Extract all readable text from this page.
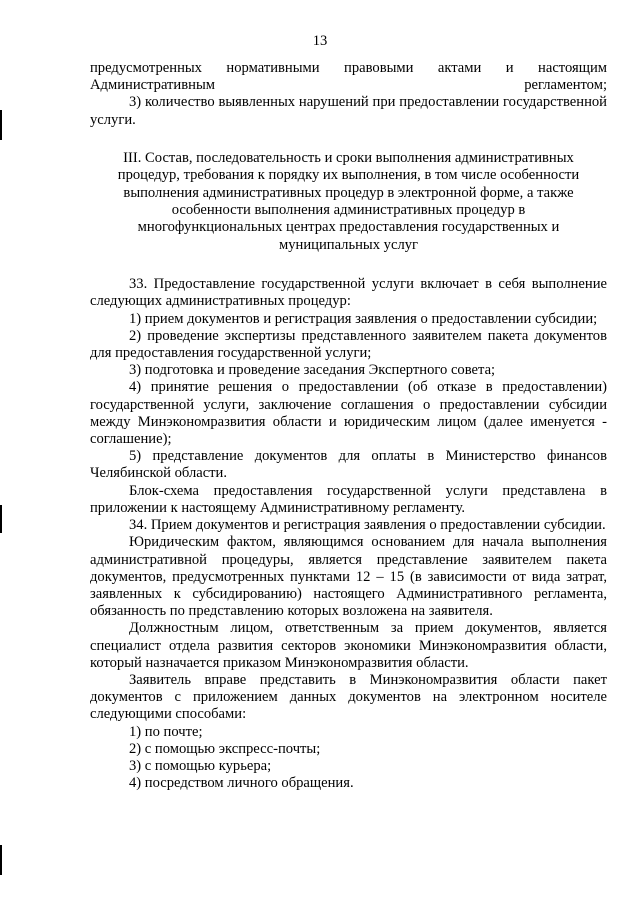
13

предусмотренных нормативными правовыми актами и настоящим Административным регламентом;

3) количество выявленных нарушений при предоставлении государственной услуги.

III. Состав, последовательность и сроки выполнения административных
процедур, требования к порядку их выполнения, в том числе особенности
выполнения административных процедур в электронной форме, а также
особенности выполнения административных процедур в
многофункциональных центрах предоставления государственных и
муниципальных услуг

33. Предоставление государственной услуги включает в себя выполнение следующих административных процедур:

1) прием документов и регистрация заявления о предоставлении субсидии;

2) проведение экспертизы представленного заявителем пакета документов для предоставления государственной услуги;

3) подготовка и проведение заседания Экспертного совета;

4) принятие решения о предоставлении (об отказе в предоставлении) государственной услуги, заключение соглашения о предоставлении субсидии между Минэкономразвития области и юридическим лицом (далее именуется - соглашение);

5) представление документов для оплаты в Министерство финансов Челябинской области.

Блок-схема предоставления государственной услуги представлена в приложении к настоящему Административному регламенту.

34. Прием документов и регистрация заявления о предоставлении субсидии.

Юридическим фактом, являющимся основанием для начала выполнения административной процедуры, является представление заявителем пакета документов, предусмотренных пунктами 12 – 15 (в зависимости от вида затрат, заявленных к субсидированию) настоящего Административного регламента, обязанность по представлению которых возложена на заявителя.

Должностным лицом, ответственным за прием документов, является специалист отдела развития секторов экономики Минэкономразвития области, который назначается приказом Минэкономразвития области.

Заявитель вправе представить в Минэкономразвития области пакет документов с приложением данных документов на электронном носителе следующими способами:

1) по почте;

2) с помощью экспресс-почты;

3) с помощью курьера;

4) посредством личного обращения.
